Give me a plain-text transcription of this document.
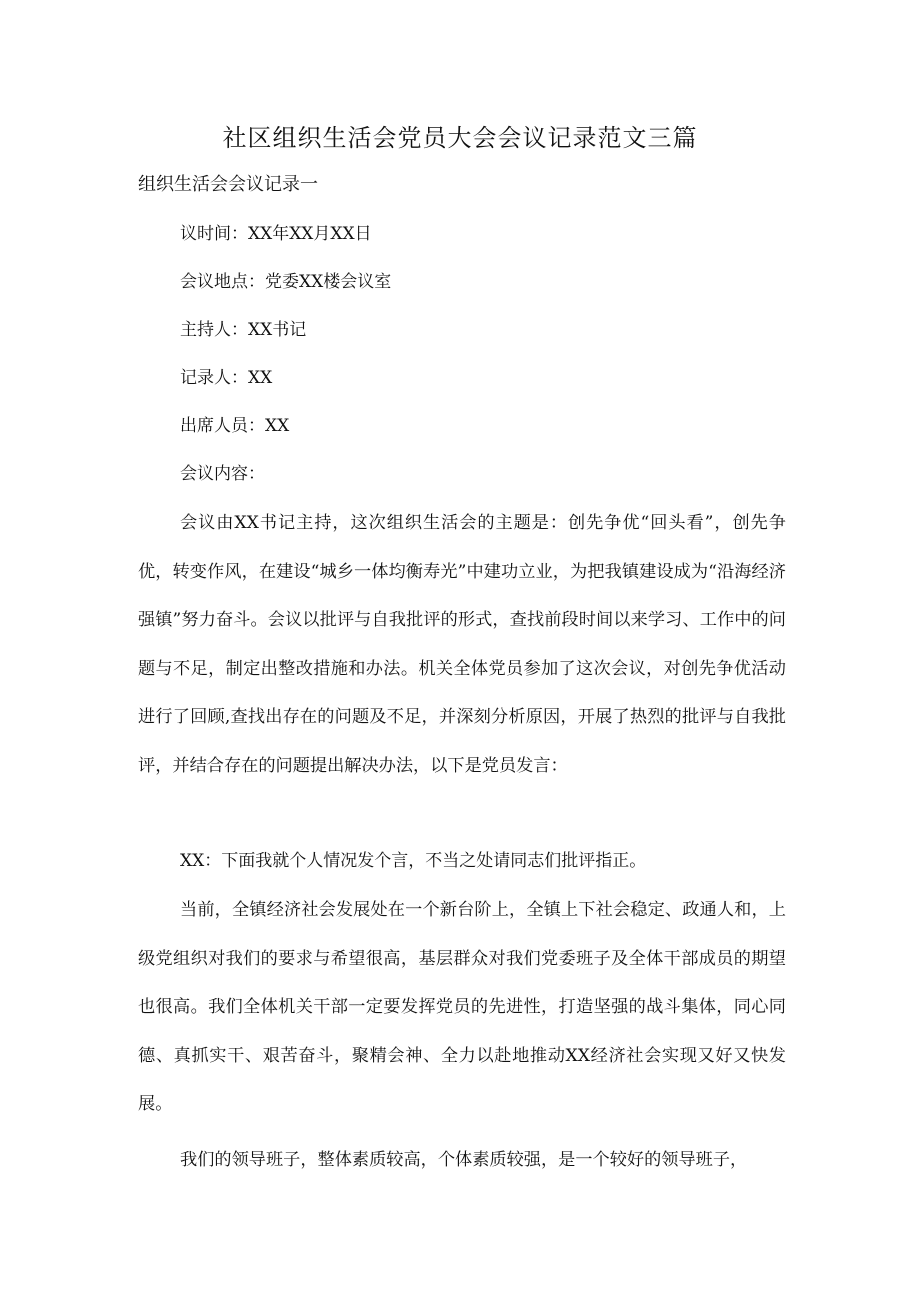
社区组织生活会党员大会会议记录范文三篇
组织生活会会议记录一
议时间：XX年XX月XX日
会议地点：党委XX楼会议室
主持人：XX书记
记录人：XX
出席人员：XX
会议内容：
会议由XX书记主持，这次组织生活会的主题是：创先争优“回头看”，创先争优，转变作风，在建设“城乡一体均衡寿光”中建功立业，为把我镇建设成为“沿海经济强镇”努力奋斗。会议以批评与自我批评的形式，查找前段时间以来学习、工作中的问题与不足，制定出整改措施和办法。机关全体党员参加了这次会议，对创先争优活动进行了回顾,查找出存在的问题及不足，并深刻分析原因，开展了热烈的批评与自我批评，并结合存在的问题提出解决办法，以下是党员发言：
XX：下面我就个人情况发个言，不当之处请同志们批评指正。
当前，全镇经济社会发展处在一个新台阶上，全镇上下社会稳定、政通人和，上级党组织对我们的要求与希望很高，基层群众对我们党委班子及全体干部成员的期望也很高。我们全体机关干部一定要发挥党员的先进性，打造坚强的战斗集体，同心同德、真抓实干、艰苦奋斗，聚精会神、全力以赴地推动XX经济社会实现又好又快发展。
我们的领导班子，整体素质较高，个体素质较强，是一个较好的领导班子，
